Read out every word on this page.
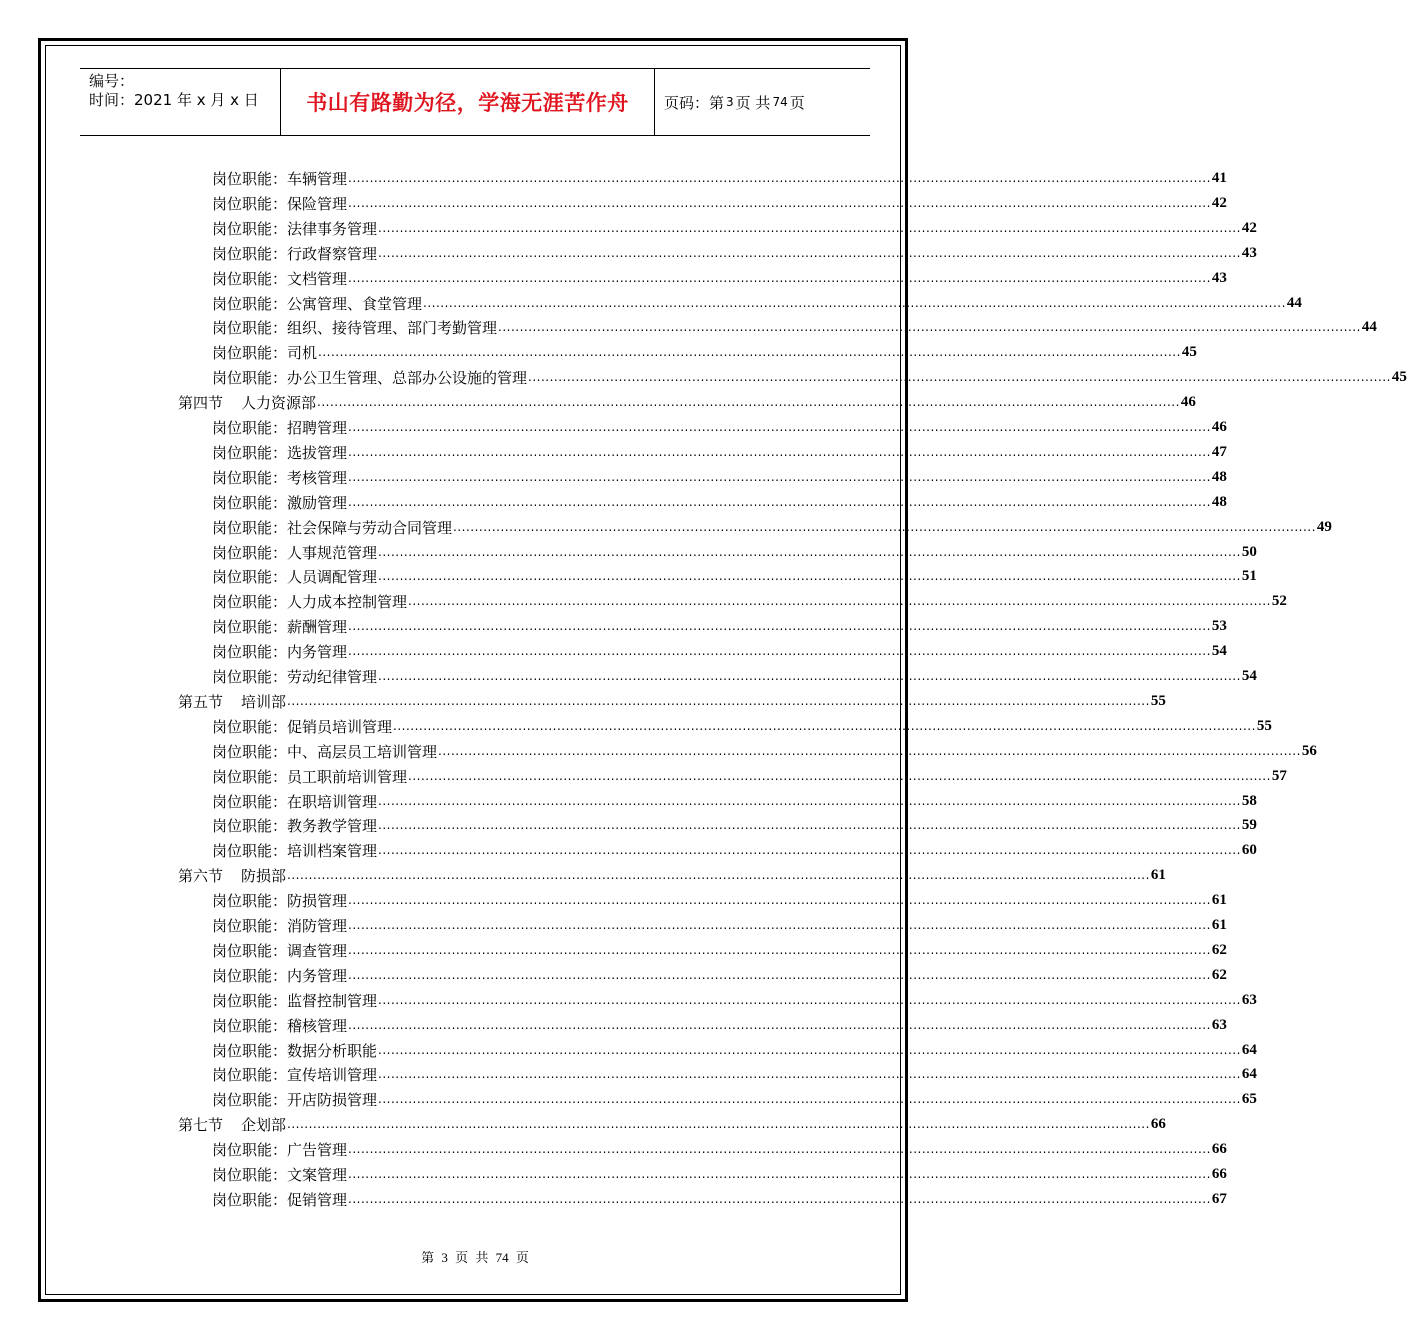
编号：
时间：2021 年 x 月 x 日	书山有路勤为径，学海无涯苦作舟	页码：第 3 页 共 74 页
岗位职能：车辆管理 ........................................................................................................................................................................................................ 41
岗位职能：保险管理 ........................................................................................................................................................................................................ 42
岗位职能：法律事务管理 ........................................................................................................................................................................................................ 42
岗位职能：行政督察管理 ........................................................................................................................................................................................................ 43
岗位职能：文档管理 ........................................................................................................................................................................................................ 43
岗位职能：公寓管理、食堂管理 ........................................................................................................................................................................................................ 44
岗位职能：组织、接待管理、部门考勤管理 ........................................................................................................................................................................................................ 44
岗位职能：司机 ........................................................................................................................................................................................................ 45
岗位职能：办公卫生管理、总部办公设施的管理 ........................................................................................................................................................................................................ 45
第四节 人力资源部 ........................................................................................................................................................................................................ 46
岗位职能：招聘管理 ........................................................................................................................................................................................................ 46
岗位职能：选拔管理 ........................................................................................................................................................................................................ 47
岗位职能：考核管理 ........................................................................................................................................................................................................ 48
岗位职能：激励管理 ........................................................................................................................................................................................................ 48
岗位职能：社会保障与劳动合同管理 ........................................................................................................................................................................................................ 49
岗位职能：人事规范管理 ........................................................................................................................................................................................................ 50
岗位职能：人员调配管理 ........................................................................................................................................................................................................ 51
岗位职能：人力成本控制管理 ........................................................................................................................................................................................................ 52
岗位职能：薪酬管理 ........................................................................................................................................................................................................ 53
岗位职能：内务管理 ........................................................................................................................................................................................................ 54
岗位职能：劳动纪律管理 ........................................................................................................................................................................................................ 54
第五节 培训部 ........................................................................................................................................................................................................ 55
岗位职能：促销员培训管理 ........................................................................................................................................................................................................ 55
岗位职能：中、高层员工培训管理 ........................................................................................................................................................................................................ 56
岗位职能：员工职前培训管理 ........................................................................................................................................................................................................ 57
岗位职能：在职培训管理 ........................................................................................................................................................................................................ 58
岗位职能：教务教学管理 ........................................................................................................................................................................................................ 59
岗位职能：培训档案管理 ........................................................................................................................................................................................................ 60
第六节 防损部 ........................................................................................................................................................................................................ 61
岗位职能：防损管理 ........................................................................................................................................................................................................ 61
岗位职能：消防管理 ........................................................................................................................................................................................................ 61
岗位职能：调查管理 ........................................................................................................................................................................................................ 62
岗位职能：内务管理 ........................................................................................................................................................................................................ 62
岗位职能：监督控制管理 ........................................................................................................................................................................................................ 63
岗位职能：稽核管理 ........................................................................................................................................................................................................ 63
岗位职能：数据分析职能 ........................................................................................................................................................................................................ 64
岗位职能：宣传培训管理 ........................................................................................................................................................................................................ 64
岗位职能：开店防损管理 ........................................................................................................................................................................................................ 65
第七节 企划部 ........................................................................................................................................................................................................ 66
岗位职能：广告管理 ........................................................................................................................................................................................................ 66
岗位职能：文案管理 ........................................................................................................................................................................................................ 66
岗位职能：促销管理 ........................................................................................................................................................................................................ 67
第 3 页 共 74 页
